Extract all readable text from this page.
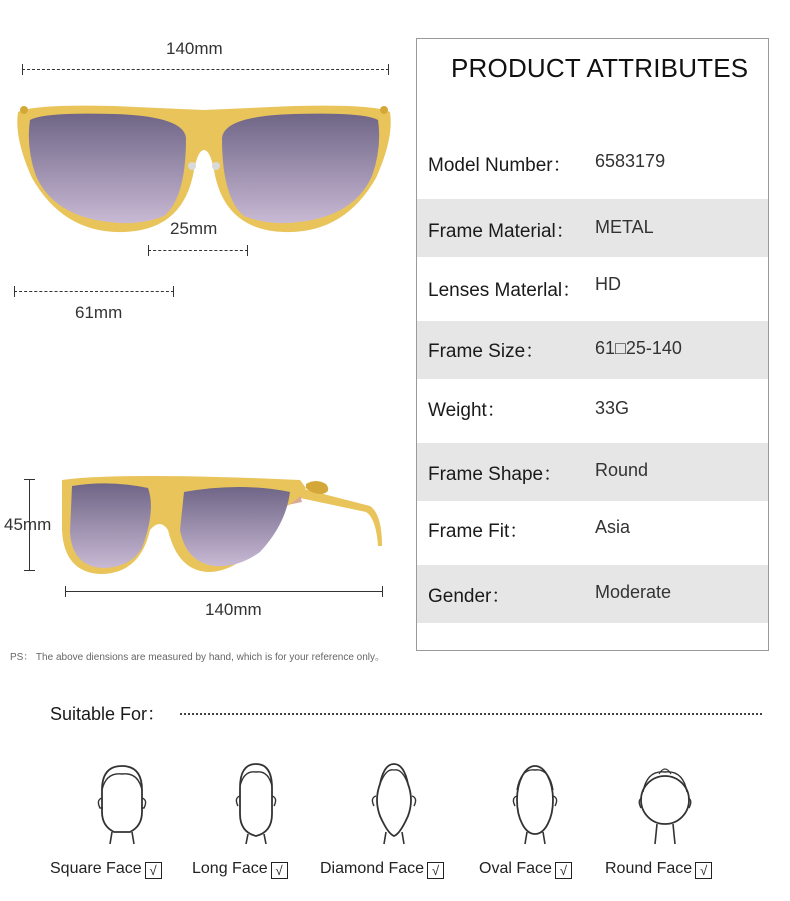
140mm
25mm
61mm
45mm
140mm
PS： The above diensions are measured by hand, which is for your reference only。
PRODUCT ATTRIBUTES
Model Number： 6583179
Frame Material： METAL
Lenses Materlal： HD
Frame Size：	61□25-140
Weight：	33G
Frame Shape： Round
Frame Fit：	Asia
Gender：	Moderate
Suitable For：
Square Face √	Long Face √	Diamond Face √	Oval Face √	Round Face √
